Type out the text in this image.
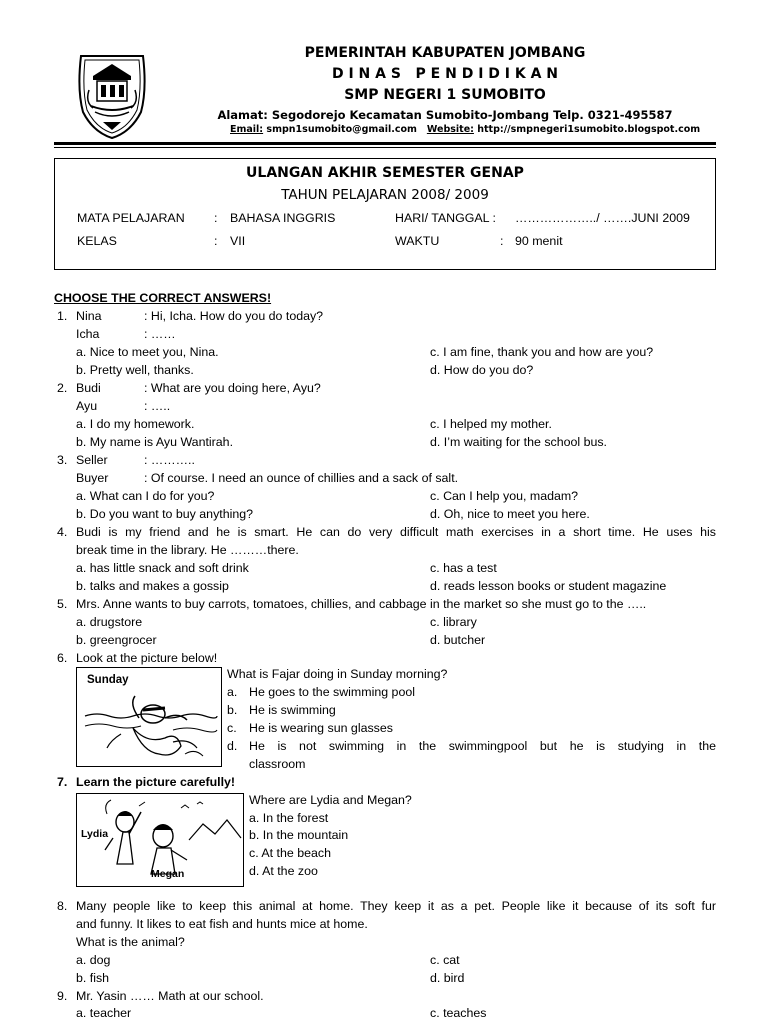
PEMERINTAH KABUPATEN JOMBANG
D I N A S   P E N D I D I K A N
SMP NEGERI 1 SUMOBITO
Alamat: Segodorejo Kecamatan Sumobito-Jombang Telp. 0321-495587
Email: smpn1sumobito@gmail.com Website: http://smpnegeri1sumobito.blogspot.com
ULANGAN AKHIR SEMESTER GENAP
TAHUN PELAJARAN 2008/ 2009
MATA PELAJARAN : BAHASA INGGRIS	HARI/ TANGGAL : ………………../ …….JUNI 2009
KELAS	: VII	WAKTU	: 90 menit
CHOOSE THE CORRECT ANSWERS!
1. Nina	: Hi, Icha. How do you do today?
Icha	: ……
a. Nice to meet you, Nina.	c. I am fine, thank you and how are you?
b. Pretty well, thanks.	d. How do you do?
2. Budi	: What are you doing here, Ayu?
Ayu	: …..
a. I do my homework.	c. I helped my mother.
b. My name is Ayu Wantirah.	d. I’m waiting for the school bus.
3. Seller	: ………..
Buyer	: Of course. I need an ounce of chillies and a sack of salt.
a. What can I do for you?	c. Can I help you, madam?
b. Do you want to buy anything?	d. Oh, nice to meet you here.
4. Budi is my friend and he is smart. He can do very difficult math exercises in a short time. He uses his
break time in the library. He ………there.
a. has little snack and soft drink	c. has a test
b. talks and makes a gossip	d. reads lesson books or student magazine
5. Mrs. Anne wants to buy carrots, tomatoes, chillies, and cabbage in the market so she must go to the …..
a. drugstore	c. library
b. greengrocer	d. butcher
6. Look at the picture below!
Sunday	What is Fajar doing in Sunday morning?
a. He goes to the swimming pool
b. He is swimming
c. He is wearing sun glasses
d. He is not swimming in the swimmingpool but he is studying in the
classroom
7. Learn the picture carefully!
Lydia
Megan
Where are Lydia and Megan?
a. In the forest
b. In the mountain
c. At the beach
d. At the zoo
8. Many people like to keep this animal at home. They keep it as a pet. People like it because of its soft fur
and funny. It likes to eat fish and hunts mice at home.
What is the animal?
a. dog	c. cat
b. fish	d. bird
9. Mr. Yasin …… Math at our school.
a. teacher	c. teaches
